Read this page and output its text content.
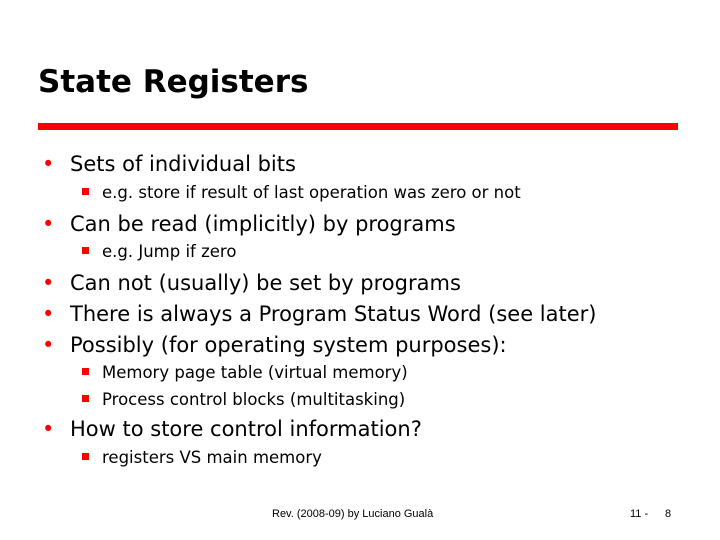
State Registers
• Sets of individual bits
e.g. store if result of last operation was zero or not
• Can be read (implicitly) by programs
e.g. Jump if zero
• Can not (usually) be set by programs
• There is always a Program Status Word (see later)
• Possibly (for operating system purposes):
Memory page table (virtual memory)
Process control blocks (multitasking)
• How to store control information?
registers VS main memory
Rev. (2008-09) by Luciano Gualà	11 - 8
